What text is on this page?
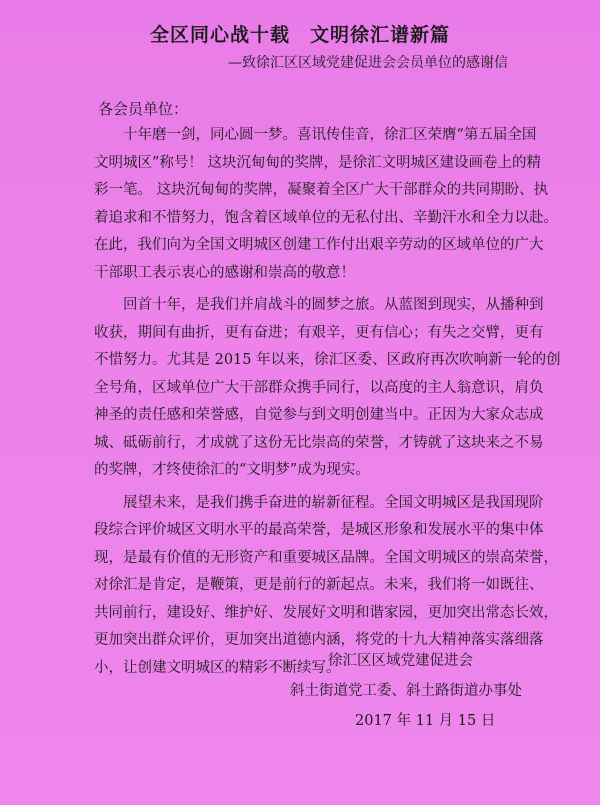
全区同心战十载　文明徐汇谱新篇
—致徐汇区区域党建促进会会员单位的感谢信
各会员单位：
十年磨一剑，同心圆一梦。喜讯传佳音，徐汇区荣膺“第五届全国
文明城区”称号！ 这块沉甸甸的奖牌，是徐汇文明城区建设画卷上的精
彩一笔。 这块沉甸甸的奖牌，凝聚着全区广大干部群众的共同期盼、执
着追求和不惜努力，饱含着区域单位的无私付出、辛勤汗水和全力以赴。
在此，我们向为全国文明城区创建工作付出艰辛劳动的区域单位的广大
干部职工表示衷心的感谢和崇高的敬意！
回首十年，是我们并肩战斗的圆梦之旅。从蓝图到现实，从播种到
收获，期间有曲折，更有奋进；有艰辛，更有信心；有失之交臂，更有
不惜努力。尤其是 2015 年以来，徐汇区委、区政府再次吹响新一轮的创
全号角，区域单位广大干部群众携手同行，以高度的主人翁意识，肩负
神圣的责任感和荣誉感，自觉参与到文明创建当中。正因为大家众志成
城、砥砺前行，才成就了这份无比崇高的荣誉，才铸就了这块来之不易
的奖牌，才终使徐汇的“文明梦”成为现实。
展望未来，是我们携手奋进的崭新征程。全国文明城区是我国现阶
段综合评价城区文明水平的最高荣誉，是城区形象和发展水平的集中体
现，是最有价值的无形资产和重要城区品牌。全国文明城区的崇高荣誉，
对徐汇是肯定，是鞭策，更是前行的新起点。未来，我们将一如既往、
共同前行，建设好、维护好、发展好文明和谐家园，更加突出常态长效，
更加突出群众评价，更加突出道德内涵，将党的十九大精神落实落细落
小，让创建文明城区的精彩不断续写。
徐汇区区域党建促进会
斜土街道党工委、斜土路街道办事处
2017 年 11 月 15 日
